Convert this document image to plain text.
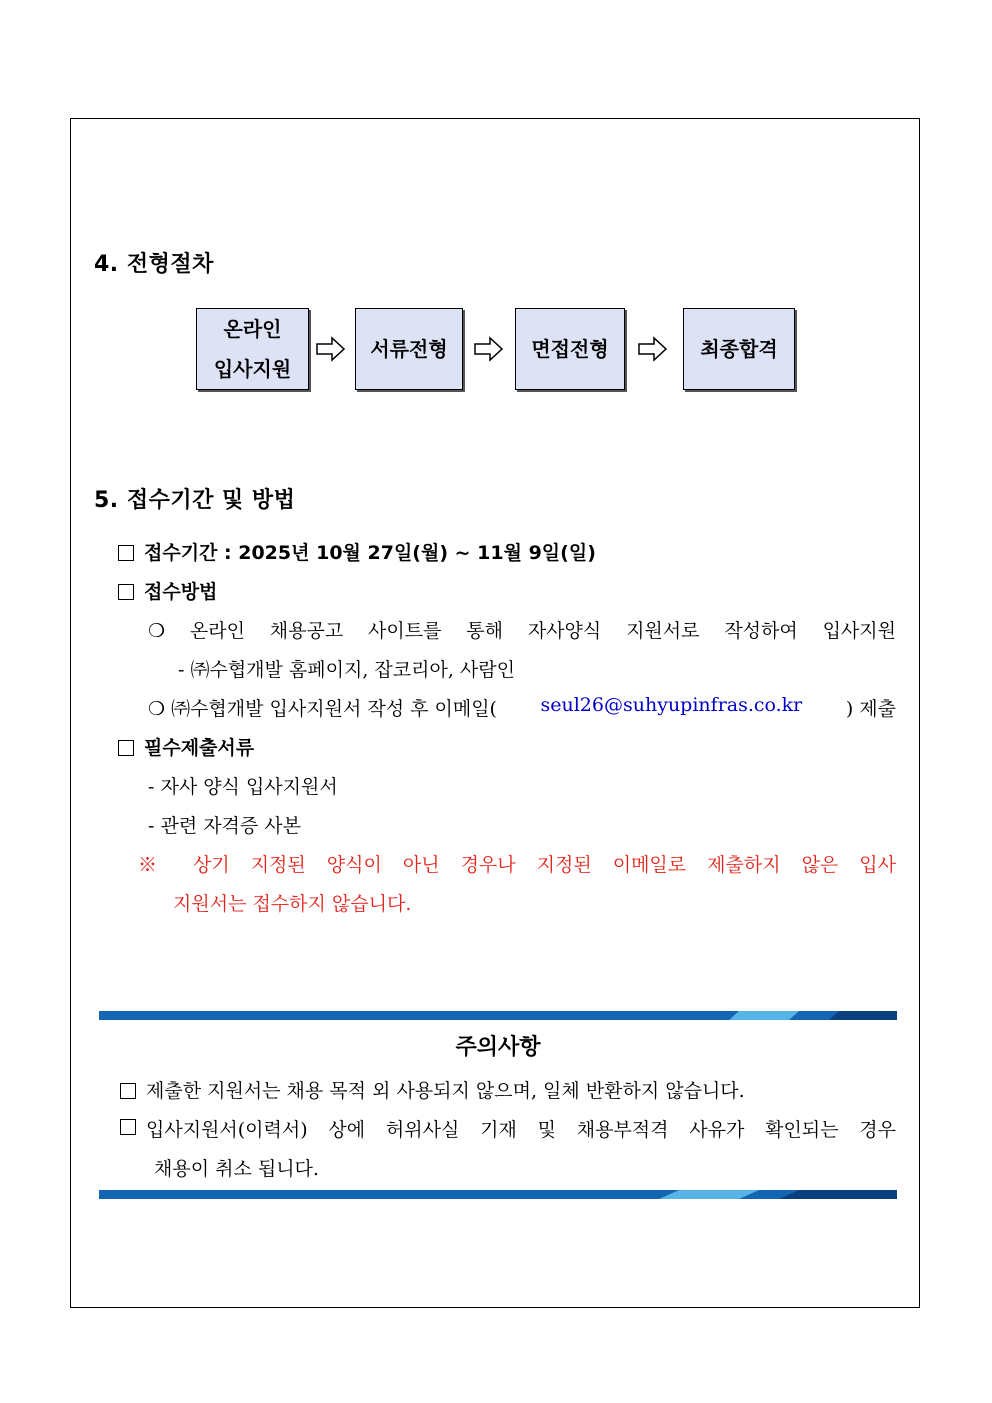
4. 전형절차
온라인
입사지원
서류전형	면접전형	최종합격
5. 접수기간 및 방법
접수기간 : 2025년 10월 27일(월) ~ 11월 9일(일)
접수방법
❍ 온라인 채용공고 사이트를 통해 자사양식 지원서로 작성하여 입사지원
- ㈜수협개발 홈페이지, 잡코리아, 사람인
❍ ㈜수협개발 입사지원서 작성 후 이메일( seul26@suhyupinfras.co.kr ) 제출
필수제출서류
- 자사 양식 입사지원서
- 관련 자격증 사본
※ 상기 지정된 양식이 아닌 경우나 지정된 이메일로 제출하지 않은 입사
지원서는 접수하지 않습니다.
주의사항
제출한 지원서는 채용 목적 외 사용되지 않으며, 일체 반환하지 않습니다.
입사지원서(이력서) 상에 허위사실 기재 및 채용부적격 사유가 확인되는 경우
채용이 취소 됩니다.
